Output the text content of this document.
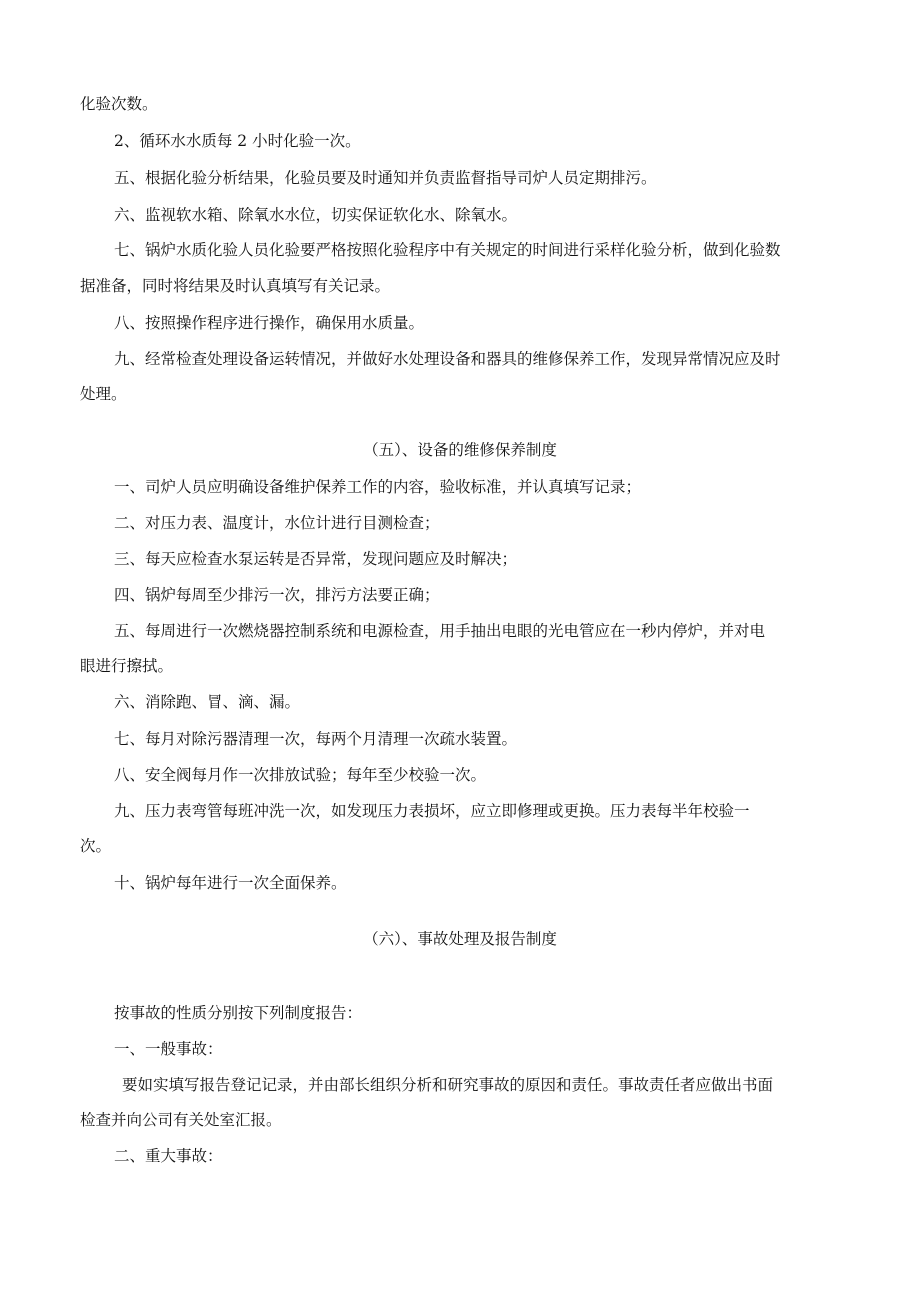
化验次数。
2、循环水水质每 2 小时化验一次。
五、根据化验分析结果，化验员要及时通知并负责监督指导司炉人员定期排污。
六、监视软水箱、除氧水水位，切实保证软化水、除氧水。
七、锅炉水质化验人员化验要严格按照化验程序中有关规定的时间进行采样化验分析，做到化验数
据准备，同时将结果及时认真填写有关记录。
八、按照操作程序进行操作，确保用水质量。
九、经常检查处理设备运转情况，并做好水处理设备和器具的维修保养工作，发现异常情况应及时
处理。
（五）、设备的维修保养制度
一、司炉人员应明确设备维护保养工作的内容，验收标准，并认真填写记录；
二、对压力表、温度计，水位计进行目测检查；
三、每天应检查水泵运转是否异常，发现问题应及时解决；
四、锅炉每周至少排污一次，排污方法要正确；
五、每周进行一次燃烧器控制系统和电源检查，用手抽出电眼的光电管应在一秒内停炉，并对电
眼进行擦拭。
六、消除跑、冒、滴、漏。
七、每月对除污器清理一次，每两个月清理一次疏水装置。
八、安全阀每月作一次排放试验；每年至少校验一次。
九、压力表弯管每班冲洗一次，如发现压力表损坏，应立即修理或更换。压力表每半年校验一
次。
十、锅炉每年进行一次全面保养。
（六）、事故处理及报告制度
按事故的性质分别按下列制度报告：
一、一般事故：
要如实填写报告登记记录，并由部长组织分析和研究事故的原因和责任。事故责任者应做出书面
检查并向公司有关处室汇报。
二、重大事故：
